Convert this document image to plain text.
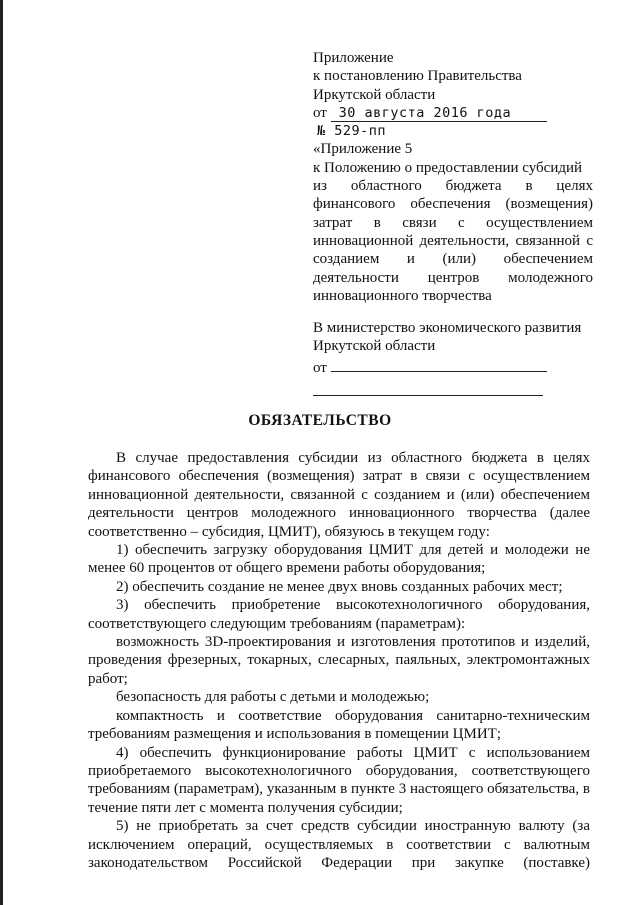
Приложение
к постановлению Правительства
Иркутской области
от 30 августа 2016 года
№ 529-пп
«Приложение 5
к Положению о предоставлении субсидий
из областного бюджета в целях
финансового обеспечения (возмещения)
затрат в связи с осуществлением
инновационной деятельности, связанной с
созданием и (или) обеспечением
деятельности центров молодежного
инновационного творчества
В министерство экономического развития
Иркутской области
от
ОБЯЗАТЕЛЬСТВО

В случае предоставления субсидии из областного бюджета в целях финансового обеспечения (возмещения) затрат в связи с осуществлением инновационной деятельности, связанной с созданием и (или) обеспечением деятельности центров молодежного инновационного творчества (далее соответственно – субсидия, ЦМИТ), обязуюсь в текущем году:

1) обеспечить загрузку оборудования ЦМИТ для детей и молодежи не менее 60 процентов от общего времени работы оборудования;

2) обеспечить создание не менее двух вновь созданных рабочих мест;

3) обеспечить приобретение высокотехнологичного оборудования, соответствующего следующим требованиям (параметрам):

возможность 3D-проектирования и изготовления прототипов и изделий, проведения фрезерных, токарных, слесарных, паяльных, электромонтажных работ;

безопасность для работы с детьми и молодежью;

компактность и соответствие оборудования санитарно-техническим требованиям размещения и использования в помещении ЦМИТ;

4) обеспечить функционирование работы ЦМИТ с использованием приобретаемого высокотехнологичного оборудования, соответствующего требованиям (параметрам), указанным в пункте 3 настоящего обязательства, в течение пяти лет с момента получения субсидии;

5) не приобретать за счет средств субсидии иностранную валюту (за исключением операций, осуществляемых в соответствии с валютным законодательством Российской Федерации при закупке (поставке)
